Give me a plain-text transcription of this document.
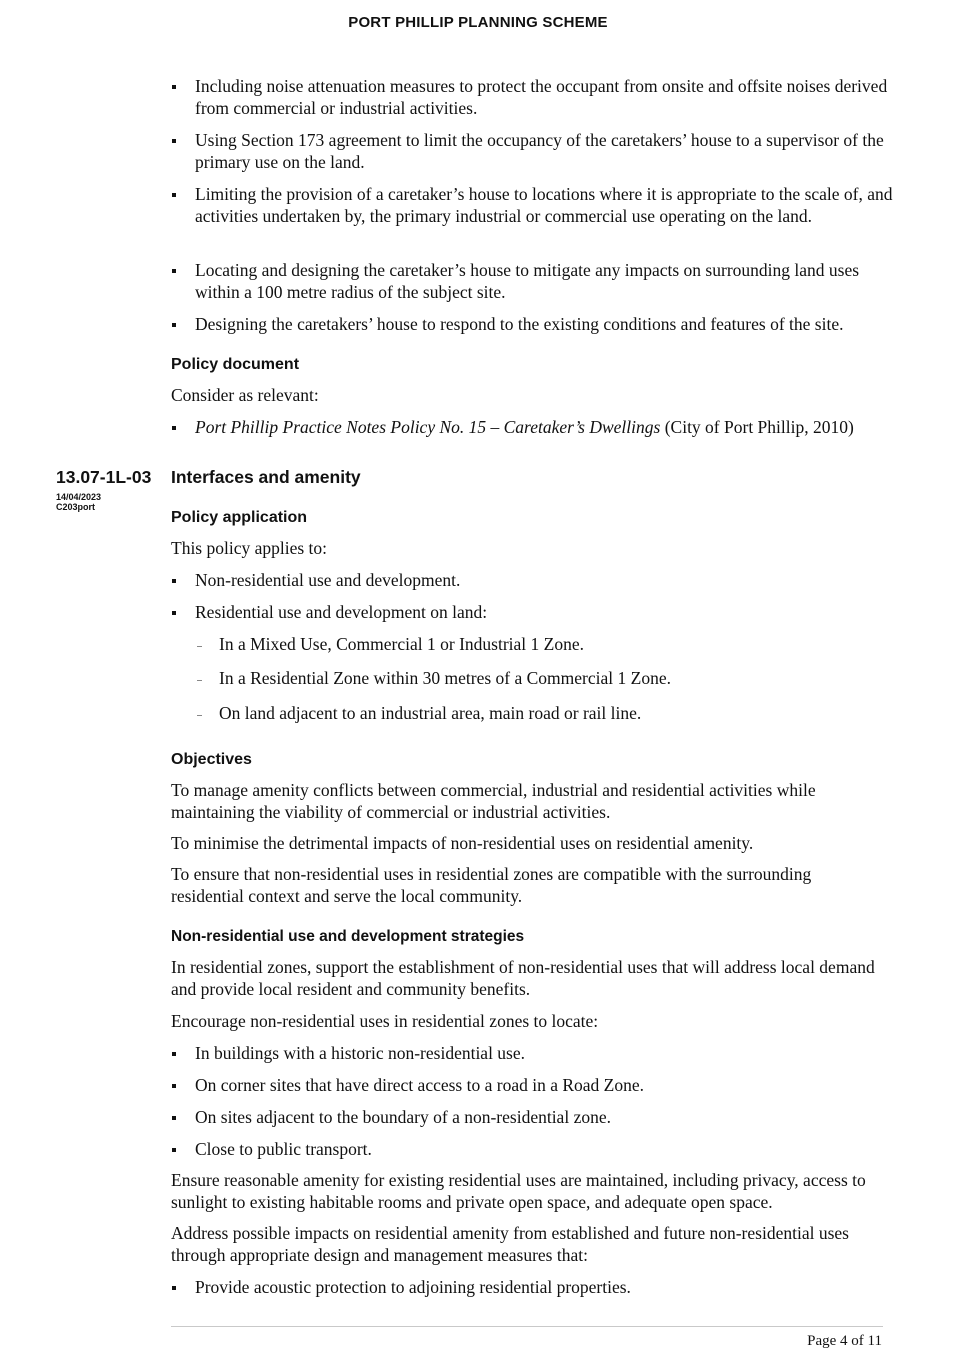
PORT PHILLIP PLANNING SCHEME
Including noise attenuation measures to protect the occupant from onsite and offsite noises derived from commercial or industrial activities.
Using Section 173 agreement to limit the occupancy of the caretakers’ house to a supervisor of the primary use on the land.
Limiting the provision of a caretaker’s house to locations where it is appropriate to the scale of, and activities undertaken by, the primary industrial or commercial use operating on the land.
Locating and designing the caretaker’s house to mitigate any impacts on surrounding land uses within a 100 metre radius of the subject site.
Designing the caretakers’ house to respond to the existing conditions and features of the site.
Policy document
Consider as relevant:
Port Phillip Practice Notes Policy No. 15 – Caretaker’s Dwellings (City of Port Phillip, 2010)
13.07-1L-03
14/04/2023
C203port
Interfaces and amenity
Policy application
This policy applies to:
Non-residential use and development.
Residential use and development on land:
In a Mixed Use, Commercial 1 or Industrial 1 Zone.
In a Residential Zone within 30 metres of a Commercial 1 Zone.
On land adjacent to an industrial area, main road or rail line.
Objectives
To manage amenity conflicts between commercial, industrial and residential activities while maintaining the viability of commercial or industrial activities.
To minimise the detrimental impacts of non-residential uses on residential amenity.
To ensure that non-residential uses in residential zones are compatible with the surrounding residential context and serve the local community.
Non-residential use and development strategies
In residential zones, support the establishment of non-residential uses that will address local demand and provide local resident and community benefits.
Encourage non-residential uses in residential zones to locate:
In buildings with a historic non-residential use.
On corner sites that have direct access to a road in a Road Zone.
On sites adjacent to the boundary of a non-residential zone.
Close to public transport.
Ensure reasonable amenity for existing residential uses are maintained, including privacy, access to sunlight to existing habitable rooms and private open space, and adequate open space.
Address possible impacts on residential amenity from established and future non-residential uses through appropriate design and management measures that:
Provide acoustic protection to adjoining residential properties.
Page 4 of 11
